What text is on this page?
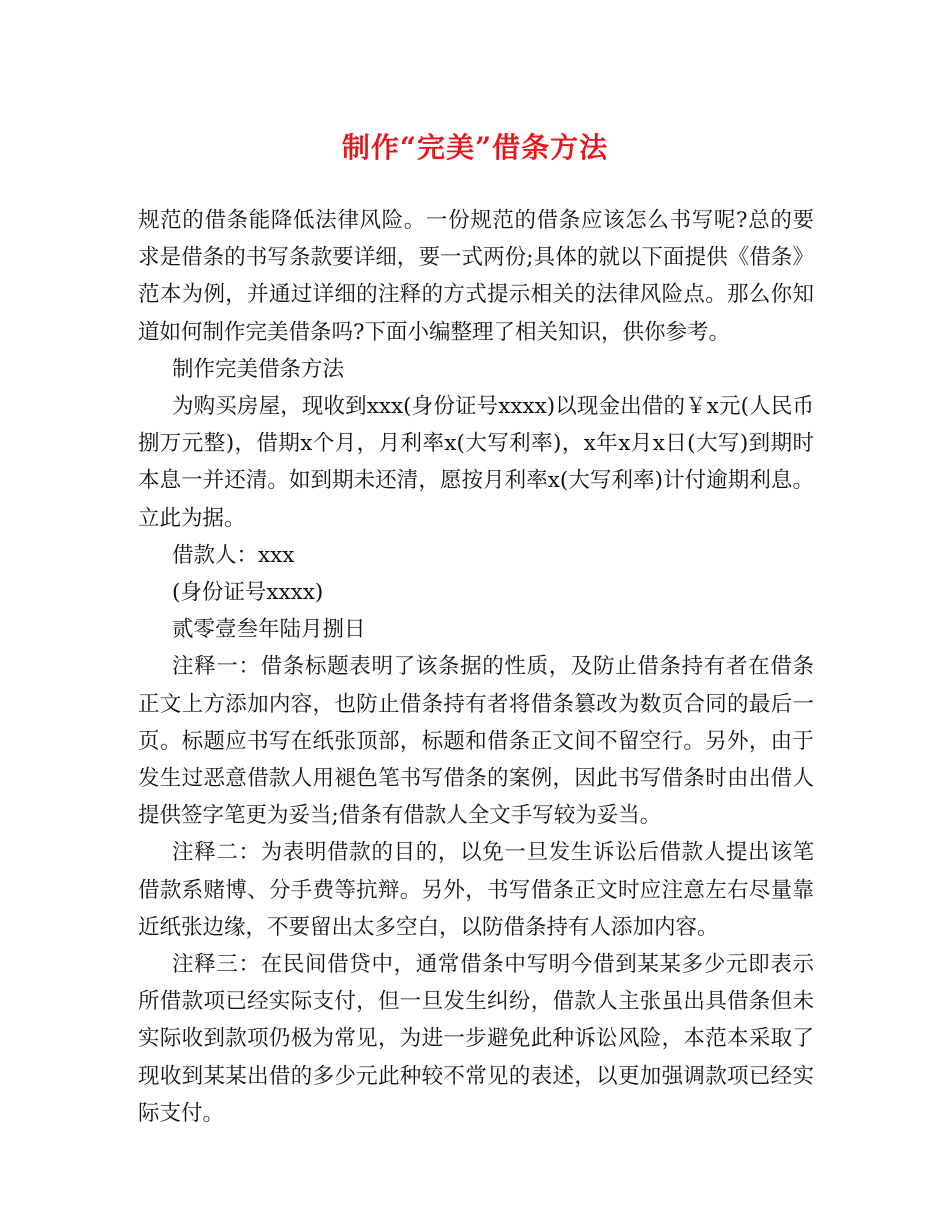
制作“完美”借条方法

规范的借条能降低法律风险。一份规范的借条应该怎么书写呢?总的要求是借条的书写条款要详细，要一式两份;具体的就以下面提供《借条》范本为例，并通过详细的注释的方式提示相关的法律风险点。那么你知道如何制作完美借条吗?下面小编整理了相关知识，供你参考。

制作完美借条方法

为购买房屋，现收到xxx(身份证号xxxx)以现金出借的￥x元(人民币捌万元整)，借期x个月，月利率x(大写利率)，x年x月x日(大写)到期时本息一并还清。如到期未还清，愿按月利率x(大写利率)计付逾期利息。立此为据。

借款人：xxx

(身份证号xxxx)

贰零壹叁年陆月捌日

注释一：借条标题表明了该条据的性质，及防止借条持有者在借条正文上方添加内容，也防止借条持有者将借条篡改为数页合同的最后一页。标题应书写在纸张顶部，标题和借条正文间不留空行。另外，由于发生过恶意借款人用褪色笔书写借条的案例，因此书写借条时由出借人提供签字笔更为妥当;借条有借款人全文手写较为妥当。

注释二：为表明借款的目的，以免一旦发生诉讼后借款人提出该笔借款系赌博、分手费等抗辩。另外，书写借条正文时应注意左右尽量靠近纸张边缘，不要留出太多空白，以防借条持有人添加内容。

注释三：在民间借贷中，通常借条中写明今借到某某多少元即表示所借款项已经实际支付，但一旦发生纠纷，借款人主张虽出具借条但未实际收到款项仍极为常见，为进一步避免此种诉讼风险，本范本采取了现收到某某出借的多少元此种较不常见的表述，以更加强调款项已经实际支付。
